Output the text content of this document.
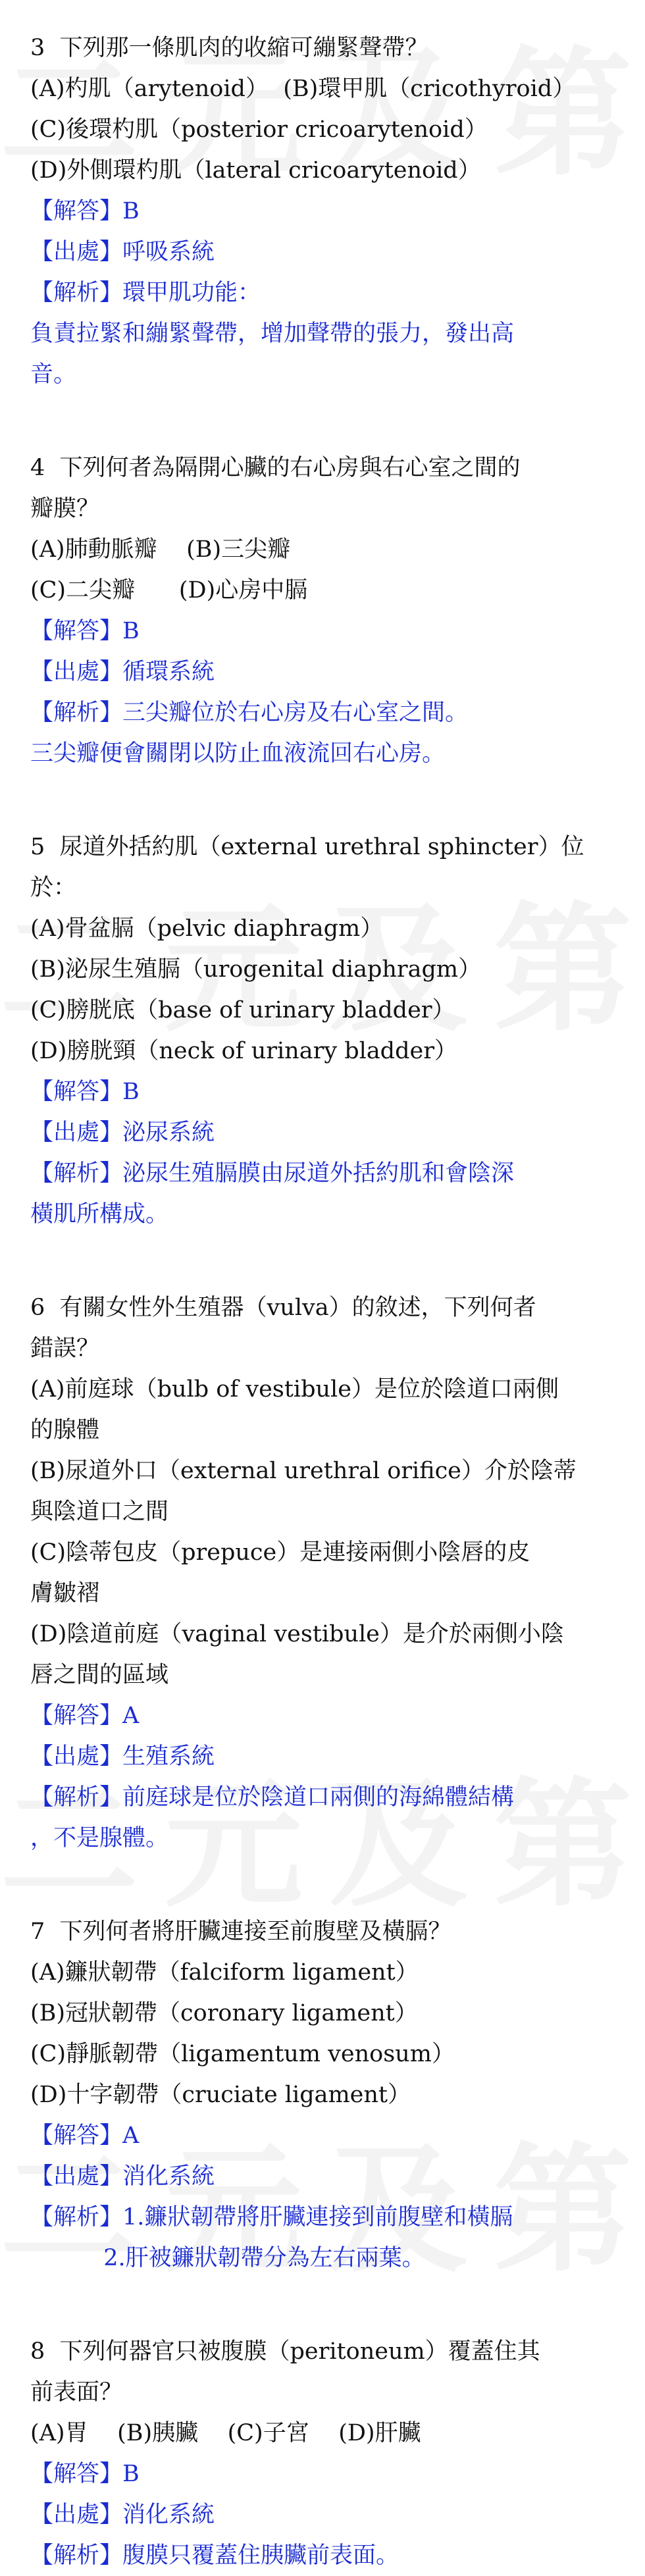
3  下列那一條肌肉的收縮可繃緊聲帶？

(A)杓肌（arytenoid）  (B)環甲肌（cricothyroid）

(C)後環杓肌（posterior cricoarytenoid）

(D)外側環杓肌（lateral cricoarytenoid）

【解答】B

【出處】呼吸系統

【解析】環甲肌功能：

負責拉緊和繃緊聲帶，增加聲帶的張力，發出高

音。

4  下列何者為隔開心臟的右心房與右心室之間的

瓣膜？

(A)肺動脈瓣    (B)三尖瓣

(C)二尖瓣      (D)心房中膈

【解答】B

【出處】循環系統

【解析】三尖瓣位於右心房及右心室之間。

三尖瓣便會關閉以防止血液流回右心房。

5  尿道外括約肌（external urethral sphincter）位

於：

(A)骨盆膈（pelvic diaphragm）

(B)泌尿生殖膈（urogenital diaphragm）

(C)膀胱底（base of urinary bladder）

(D)膀胱頸（neck of urinary bladder）

【解答】B

【出處】泌尿系統

【解析】泌尿生殖膈膜由尿道外括約肌和會陰深

橫肌所構成。

6  有關女性外生殖器（vulva）的敘述，下列何者

錯誤？

(A)前庭球（bulb of vestibule）是位於陰道口兩側

的腺體

(B)尿道外口（external urethral orifice）介於陰蒂

與陰道口之間

(C)陰蒂包皮（prepuce）是連接兩側小陰唇的皮

膚皺褶

(D)陰道前庭（vaginal vestibule）是介於兩側小陰

唇之間的區域

【解答】A

【出處】生殖系統

【解析】前庭球是位於陰道口兩側的海綿體結構

，不是腺體。

7  下列何者將肝臟連接至前腹壁及橫膈？

(A)鐮狀韌帶（falciform ligament）

(B)冠狀韌帶（coronary ligament）

(C)靜脈韌帶（ligamentum venosum）

(D)十字韌帶（cruciate ligament）

【解答】A

【出處】消化系統

【解析】1.鐮狀韌帶將肝臟連接到前腹壁和橫膈

2.肝被鐮狀韌帶分為左右兩葉。

8  下列何器官只被腹膜（peritoneum）覆蓋住其

前表面？

(A)胃    (B)胰臟    (C)子宮    (D)肝臟

【解答】B

【出處】消化系統

【解析】腹膜只覆蓋住胰臟前表面。
